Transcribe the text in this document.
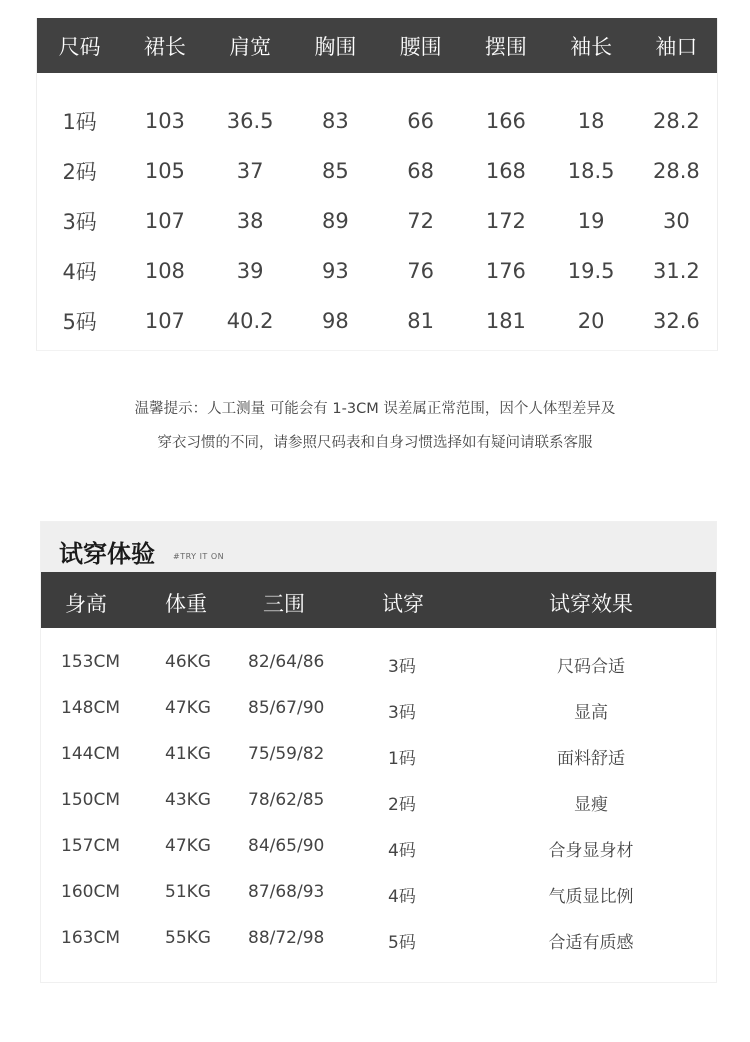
尺码	裙长	肩宽	胸围	腰围	摆围	袖长	袖口
1码	103	36.5	83	66	166	18	28.2
2码	105	37	85	68	168	18.5	28.8
3码	107	38	89	72	172	19	30
4码	108	39	93	76	176	19.5	31.2
5码	107	40.2	98	81	181	20	32.6
温馨提示：人工测量 可能会有 1-3CM 误差属正常范围，因个人体型差异及
穿衣习惯的不同，请参照尺码表和自身习惯选择如有疑问请联系客服
试穿体验 #TRY IT ON
身高	体重	三围	试穿	试穿效果
153CM	46KG 82/64/86	3码	尺码合适
148CM	47KG 85/67/90	3码	显高
144CM	41KG 75/59/82	1码	面料舒适
150CM	43KG 78/62/85	2码	显瘦
157CM	47KG 84/65/90	4码	合身显身材
160CM	51KG 87/68/93	4码	气质显比例
163CM	55KG 88/72/98	5码	合适有质感
